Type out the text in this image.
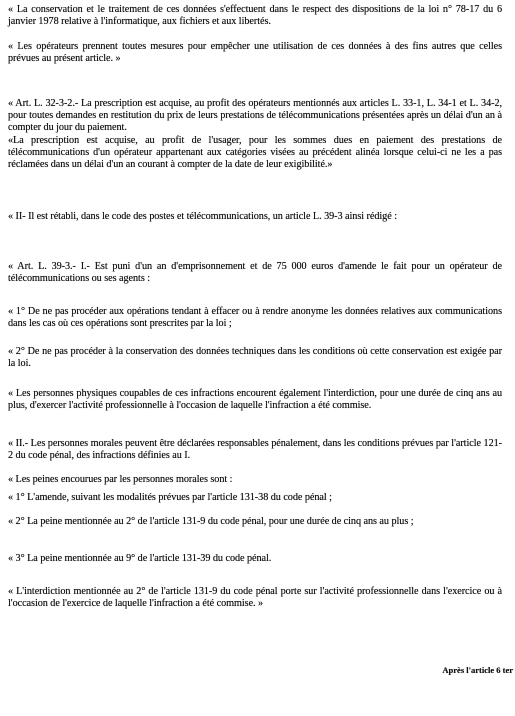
« La conservation et le traitement de ces données s'effectuent dans le respect des dispositions de la loi n° 78-17 du 6 janvier 1978 relative à l'informatique, aux fichiers et aux libertés.

« Les opérateurs prennent toutes mesures pour empêcher une utilisation de ces données à des fins autres que celles prévues au présent article. »

« Art. L. 32-3-2.- La prescription est acquise, au profit des opérateurs mentionnés aux articles L. 33-1, L. 34-1 et L. 34-2, pour toutes demandes en restitution du prix de leurs prestations de télécommunications présentées après un délai d'un an à compter du jour du paiement.

«La prescription est acquise, au profit de l'usager, pour les sommes dues en paiement des prestations de télécommunications d'un opérateur appartenant aux catégories visées au précédent alinéa lorsque celui-ci ne les a pas réclamées dans un délai d'un an courant à compter de la date de leur exigibilité.»

« II- Il est rétabli, dans le code des postes et télécommunications, un article L. 39-3 ainsi rédigé :

« Art. L. 39-3.- I.- Est puni d'un an d'emprisonnement et de 75 000 euros d'amende le fait pour un opérateur de télécommunications ou ses agents :

« 1° De ne pas procéder aux opérations tendant à effacer ou à rendre anonyme les données relatives aux communications dans les cas où ces opérations sont prescrites par la loi ;

« 2° De ne pas procéder à la conservation des données techniques dans les conditions où cette conservation est exigée par la loi.

« Les personnes physiques coupables de ces infractions encourent également l'interdiction, pour une durée de cinq ans au plus, d'exercer l'activité professionnelle à l'occasion de laquelle l'infraction a été commise.

« II.- Les personnes morales peuvent être déclarées responsables pénalement, dans les conditions prévues par l'article 121-2 du code pénal, des infractions définies au I.

« Les peines encourues par les personnes morales sont :

« 1° L'amende, suivant les modalités prévues par l'article 131-38 du code pénal ;

« 2° La peine mentionnée au 2° de l'article 131-9 du code pénal, pour une durée de cinq ans au plus ;

« 3° La peine mentionnée au 9° de l'article 131-39 du code pénal.

« L'interdiction mentionnée au 2° de l'article 131-9 du code pénal porte sur l'activité professionnelle dans l'exercice ou à l'occasion de l'exercice de laquelle l'infraction a été commise. »

Après l'article 6 ter
